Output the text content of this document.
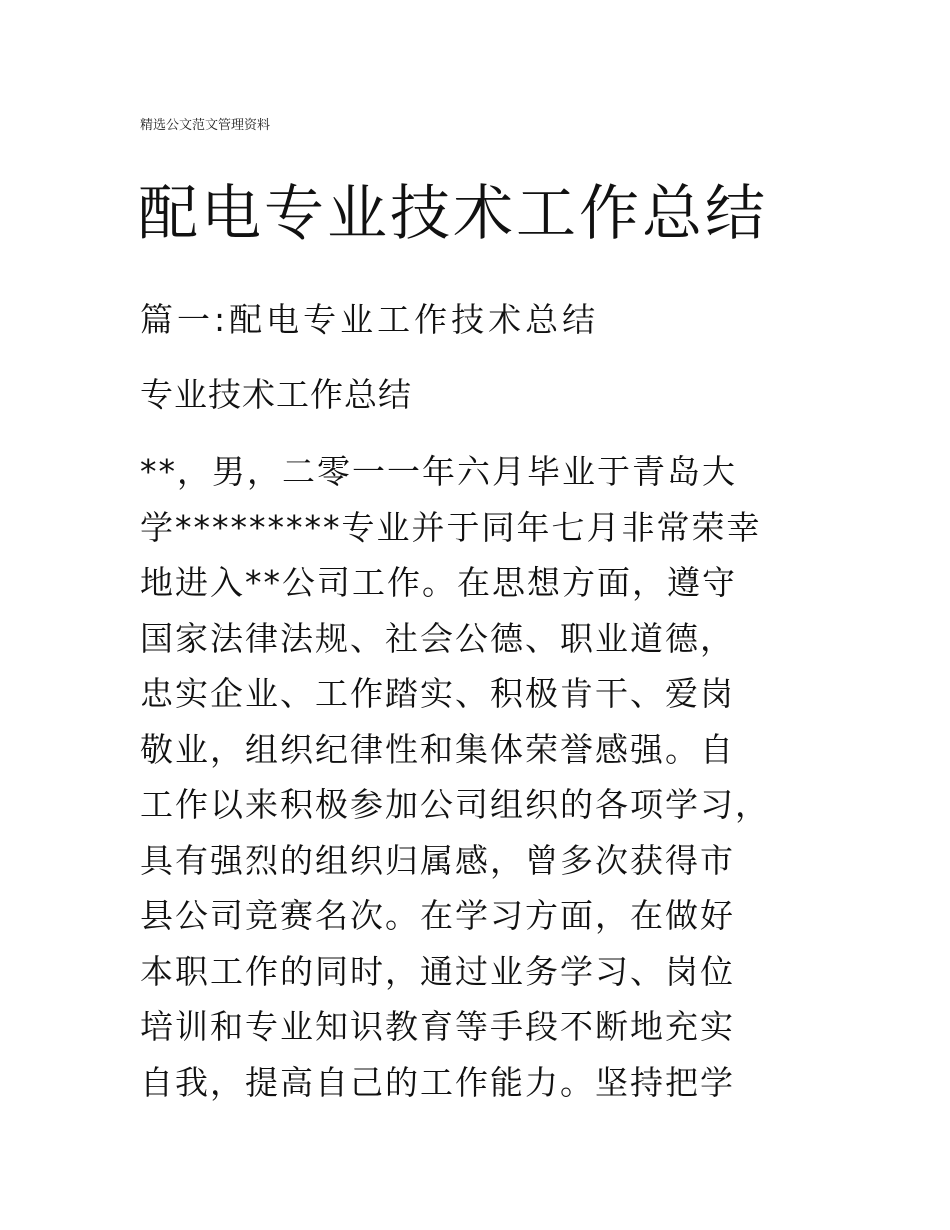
精选公文范文管理资料
配电专业技术工作总结
篇一:配电专业工作技术总结
专业技术工作总结
**，男，二零一一年六月毕业于青岛大
学*********专业并于同年七月非常荣幸
地进入**公司工作。在思想方面，遵守
国家法律法规、社会公德、职业道德，
忠实企业、工作踏实、积极肯干、爱岗
敬业，组织纪律性和集体荣誉感强。自
工作以来积极参加公司组织的各项学习，
具有强烈的组织归属感，曾多次获得市
县公司竞赛名次。在学习方面，在做好
本职工作的同时，通过业务学习、岗位
培训和专业知识教育等手段不断地充实
自我，提高自己的工作能力。坚持把学
